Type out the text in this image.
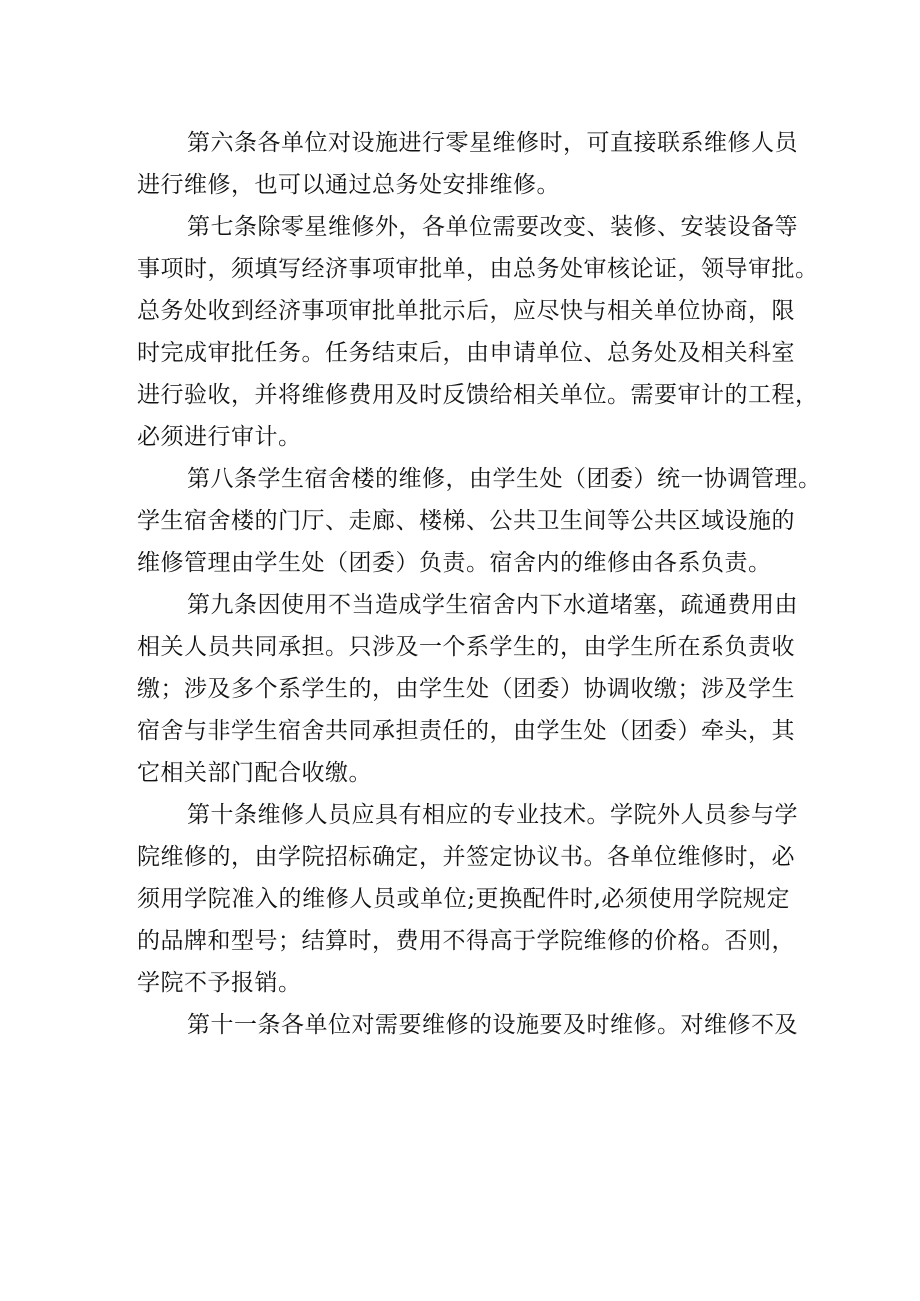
第六条各单位对设施进行零星维修时，可直接联系维修人员
进行维修，也可以通过总务处安排维修。
第七条除零星维修外，各单位需要改变、装修、安装设备等
事项时，须填写经济事项审批单，由总务处审核论证，领导审批。
总务处收到经济事项审批单批示后，应尽快与相关单位协商，限
时完成审批任务。任务结束后，由申请单位、总务处及相关科室
进行验收，并将维修费用及时反馈给相关单位。需要审计的工程，
必须进行审计。
第八条学生宿舍楼的维修，由学生处（团委）统一协调管理。
学生宿舍楼的门厅、走廊、楼梯、公共卫生间等公共区域设施的
维修管理由学生处（团委）负责。宿舍内的维修由各系负责。
第九条因使用不当造成学生宿舍内下水道堵塞，疏通费用由
相关人员共同承担。只涉及一个系学生的，由学生所在系负责收
缴；涉及多个系学生的，由学生处（团委）协调收缴；涉及学生
宿舍与非学生宿舍共同承担责任的，由学生处（团委）牵头，其
它相关部门配合收缴。
第十条维修人员应具有相应的专业技术。学院外人员参与学
院维修的，由学院招标确定，并签定协议书。各单位维修时，必
须用学院准入的维修人员或单位;更换配件时,必须使用学院规定
的品牌和型号；结算时，费用不得高于学院维修的价格。否则，
学院不予报销。
第十一条各单位对需要维修的设施要及时维修。对维修不及
